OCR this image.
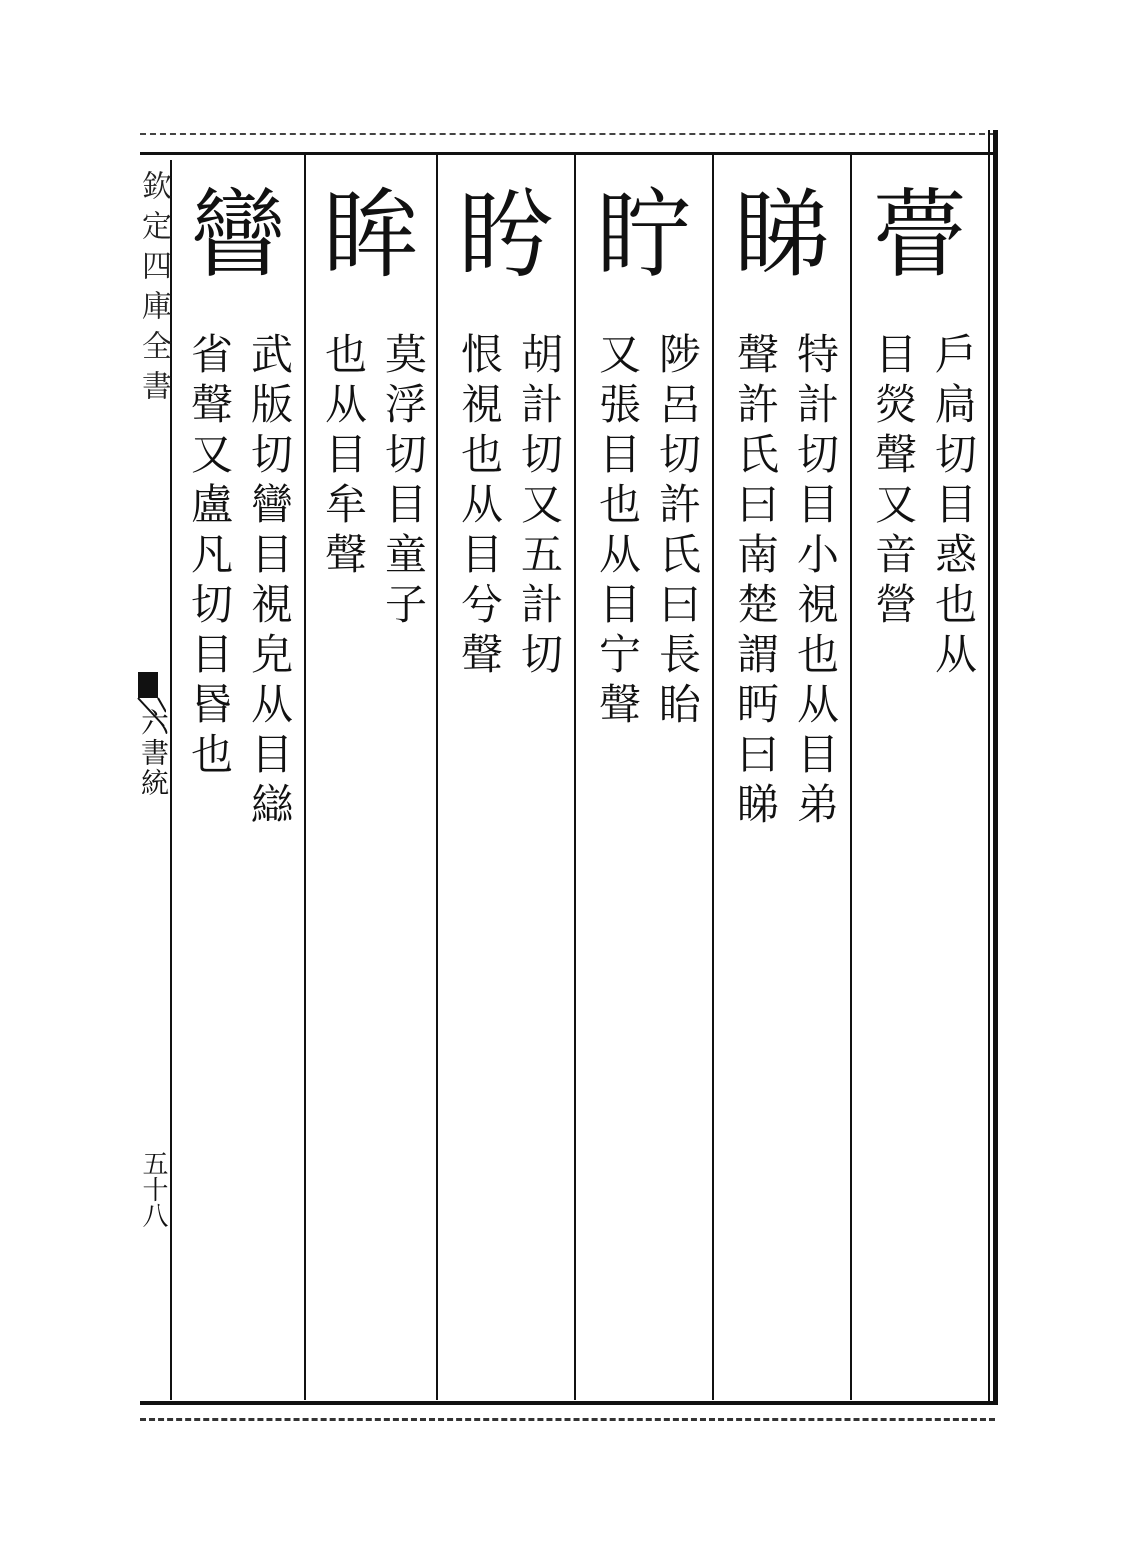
瞢
戶扃切目惑也从
目熒聲又音營
睇
特計切目小視也从目弟
聲許氏曰南楚謂眄曰睇
眝
陟呂切許氏曰長眙
又張目也从目宁聲
盻
胡計切又五計切
恨視也从目兮聲
眸
莫浮切目童子
也从目牟聲
矕
武版切矕目視皃从目䜌
省聲又盧凡切目昬也
欽定四庫全書
六書統
五十八
